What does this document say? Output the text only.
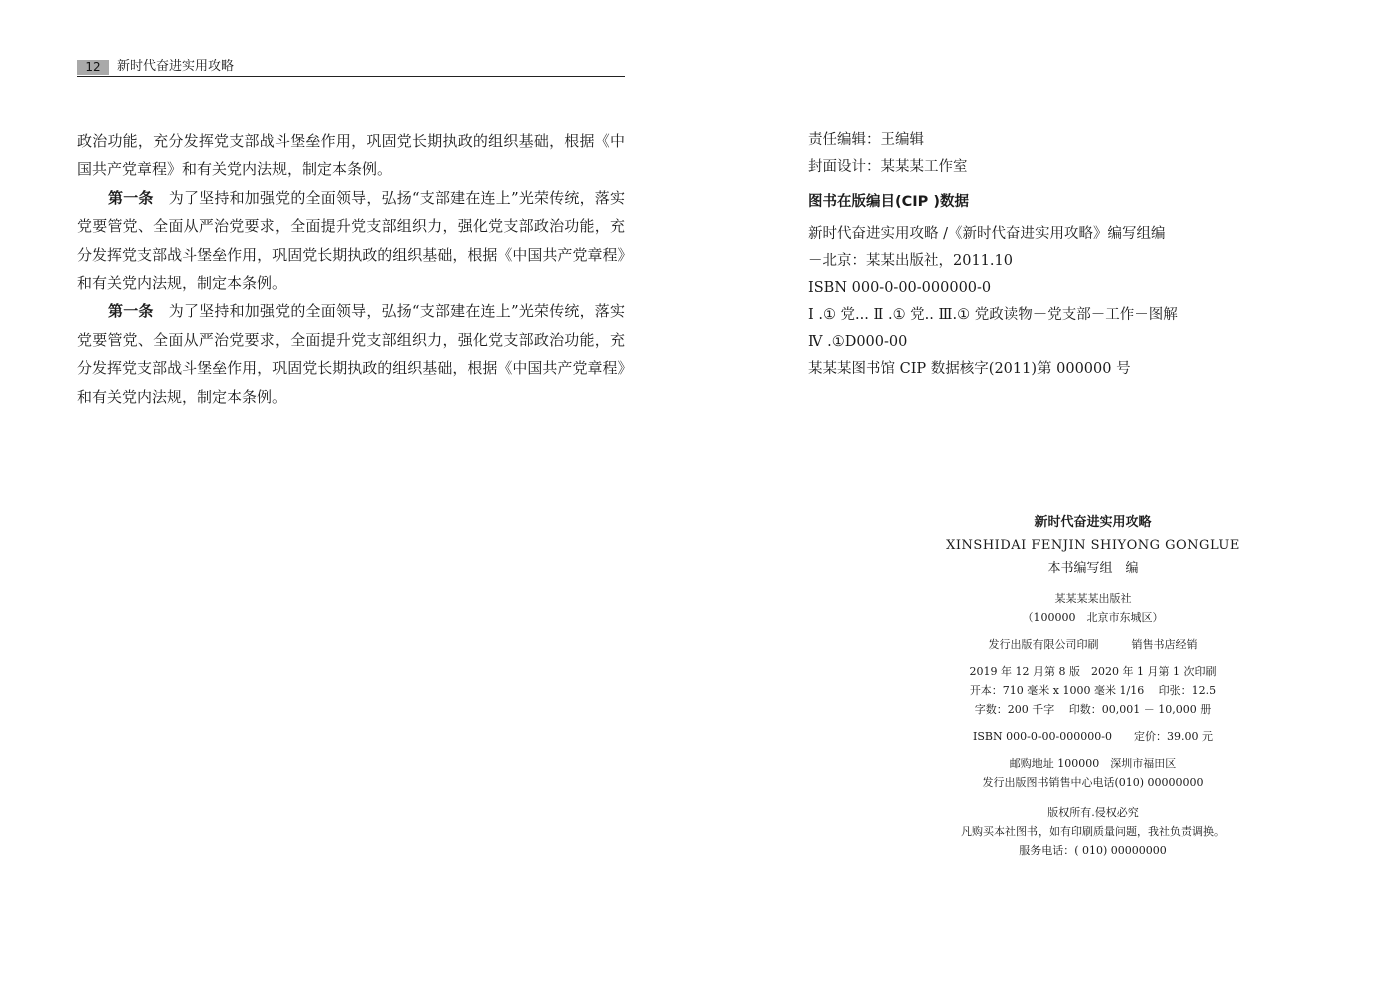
12	新时代奋进实用攻略

政治功能，充分发挥党支部战斗堡垒作用，巩固党长期执政的组织基础，根据《中国共产党章程》和有关党内法规，制定本条例。

第一条　为了坚持和加强党的全面领导，弘扬“支部建在连上”光荣传统，落实党要管党、全面从严治党要求，全面提升党支部组织力，强化党支部政治功能，充分发挥党支部战斗堡垒作用，巩固党长期执政的组织基础，根据《中国共产党章程》和有关党内法规，制定本条例。

第一条　为了坚持和加强党的全面领导，弘扬“支部建在连上”光荣传统，落实党要管党、全面从严治党要求，全面提升党支部组织力，强化党支部政治功能，充分发挥党支部战斗堡垒作用，巩固党长期执政的组织基础，根据《中国共产党章程》和有关党内法规，制定本条例。

责任编辑：王编辑
封面设计：某某某工作室
图书在版编目(CIP )数据
新时代奋进实用攻略 /《新时代奋进实用攻略》编写组编
－北京：某某出版社，2011.10
ISBN 000-0-00-000000-0
Ⅰ .① 党... Ⅱ .① 党.. Ⅲ.① 党政读物－党支部－工作－图解
Ⅳ .①D000-00
某某某图书馆 CIP 数据核字(2011)第 000000 号
新时代奋进实用攻略
XINSHIDAI FENJIN SHIYONG GONGLUE
本书编写组　编
某某某某出版社
（100000　北京市东城区）
发行出版有限公司印刷　　　销售书店经销
2019 年 12 月第 8 版　2020 年 1 月第 1 次印刷
开本：710 毫米 x 1000 毫米 1/16　 印张：12.5
字数：200 千字　 印数：00,001 － 10,000 册
ISBN 000-0-00-000000-0　　定价：39.00 元
邮购地址 100000　深圳市福田区
发行出版图书销售中心电话(010) 00000000
版权所有.侵权必究
凡购买本社图书，如有印刷质量问题，我社负责调换。
服务电话：( 010) 00000000
